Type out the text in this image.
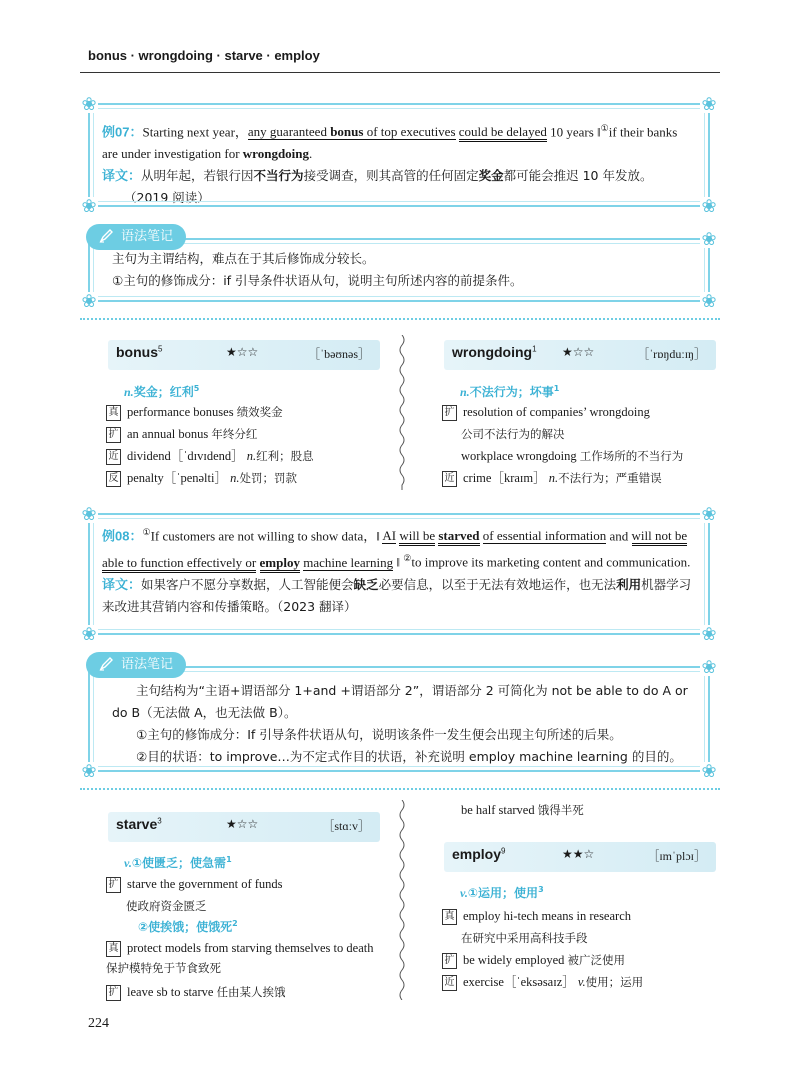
bonus · wrongdoing · starve · employ
❀	❀
❀	❀
例07：Starting next year，any guaranteed bonus of top executives could be delayed 10 years ‖①if their banks are under investigation for wrongdoing.
译文：从明年起，若银行因不当行为接受调查，则其高管的任何固定奖金都可能会推迟 10 年发放。
（2019 阅读）
语法笔记	❀
❀	❀
主句为主谓结构，难点在于其后修饰成分较长。
①主句的修饰成分：if 引导条件状语从句，说明主句所述内容的前提条件。
bonus$^5$	★☆☆	［ˈbəʊnəs］
n.奖金；红利$^5$
真 performance bonuses 绩效奖金
扩 an annual bonus 年终分红
近 dividend［ˈdɪvɪdend］ n.红利；股息
反 penalty［ˈpenəlti］ n.处罚；罚款
wrongdoing$^1$ ★☆☆	［ˈrɒŋduːɪŋ］
n.不法行为；坏事$^1$
扩 resolution of companies’ wrongdoing
公司不法行为的解决
workplace wrongdoing 工作场所的不当行为
近 crime［kraɪm］ n.不法行为；严重错误
❀	❀
❀	❀
例08：①If customers are not willing to show data，‖ AI will be starved of essential information and will not be able to function effectively or employ machine learning ‖ ②to improve its marketing content and communication.
译文：如果客户不愿分享数据，人工智能便会缺乏必要信息，以至于无法有效地运作，也无法利用机器学习来改进其营销内容和传播策略。（2023 翻译）
语法笔记	❀
❀	❀
主句结构为“主语+谓语部分 1+and +谓语部分 2”，谓语部分 2 可简化为 not be able to do A or do B（无法做 A，也无法做 B）。
①主句的修饰成分：If 引导条件状语从句，说明该条件一发生便会出现主句所述的后果。
②目的状语：to improve…为不定式作目的状语，补充说明 employ machine learning 的目的。
starve$^3$	★☆☆	［stɑːv］
v.①使匮乏；使急需$^1$
扩 starve the government of funds
使政府资金匮乏
②使挨饿；使饿死$^2$
真 protect models from starving themselves to death 保护模特免于节食致死
扩 leave sb to starve 任由某人挨饿
be half starved 饿得半死
employ$^9$	★★☆	［ɪmˈplɔɪ］
v.①运用；使用$^3$
真 employ hi-tech means in research
在研究中采用高科技手段
扩 be widely employed 被广泛使用
近 exercise［ˈeksəsaɪz］ v.使用；运用
224
